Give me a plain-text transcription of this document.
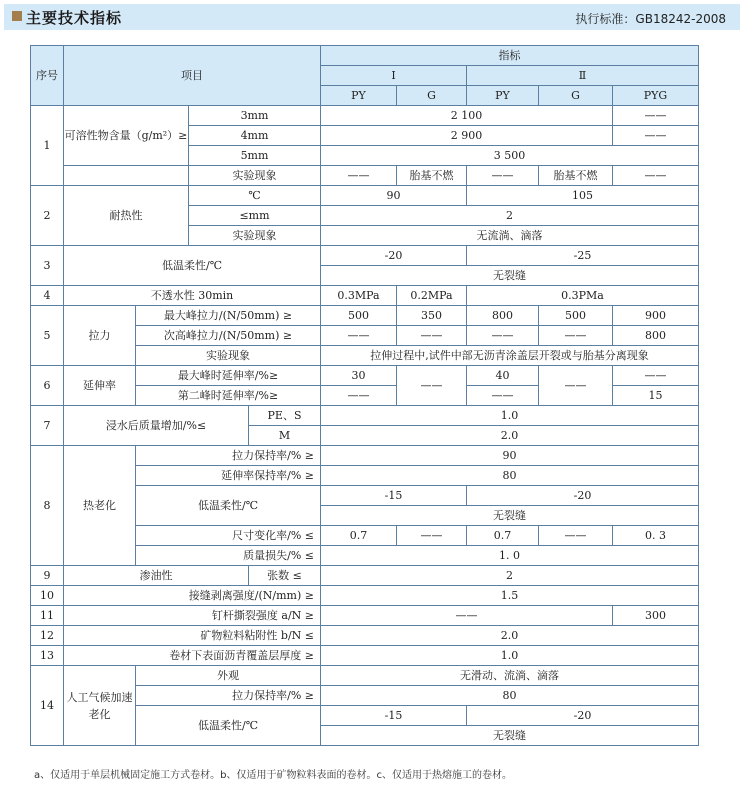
主要技术指标	执行标准：GB18242-2008
序号	项目				指标				
					Ⅰ		Ⅱ		
					PY	G	PY	G	PYG
1	可溶性物含量（g/m²）≥		3mm		2 100				——
			4mm		2 900				——
			5mm		3 500				
			实验现象		——	胎基不燃	——	胎基不燃	——
2	耐热性		℃		90		105		
			≤mm		2				
			实验现象		无流淌、滴落				
3	低温柔性/℃				-20		-25		
					无裂缝				
4	不透水性 30min				0.3MPa	0.2MPa	0.3PMa		
5	拉力	最大峰拉力/(N/50mm) ≥			500	350	800	500	900
		次高峰拉力/(N/50mm) ≥			——	——	——	——	800
		实验现象			拉伸过程中,试件中部无沥青涂盖层开裂或与胎基分离现象				
6	延伸率	最大峰时延伸率/%≥			30	——	40	——	——
		第二峰时延伸率/%≥			——		——		15
7	浸水后质量增加/%≤			PE、S	1.0				
				M	2.0				
8	热老化	拉力保持率/% ≥			90				
		延伸率保持率/% ≥			80				
		低温柔性/℃			-15		-20		
					无裂缝				
		尺寸变化率/% ≤			0.7	——	0.7	——	0. 3
		质量损失/% ≤			1. 0				
9	渗油性			张数 ≤	2				
10	接缝剥离强度/(N/mm) ≥				1.5				
11	钉杆撕裂强度 a/N ≥				——				300
12	矿物粒料粘附性 b/N ≤				2.0				
13	卷材下表面沥青覆盖层厚度 ≥				1.0				
14	人工气候加速老化	外观			无滑动、流淌、滴落				
		拉力保持率/% ≥			80				
		低温柔性/℃			-15		-20		
					无裂缝				
a、仅适用于单层机械固定施工方式卷材。b、仅适用于矿物粒料表面的卷材。c、仅适用于热熔施工的卷材。
